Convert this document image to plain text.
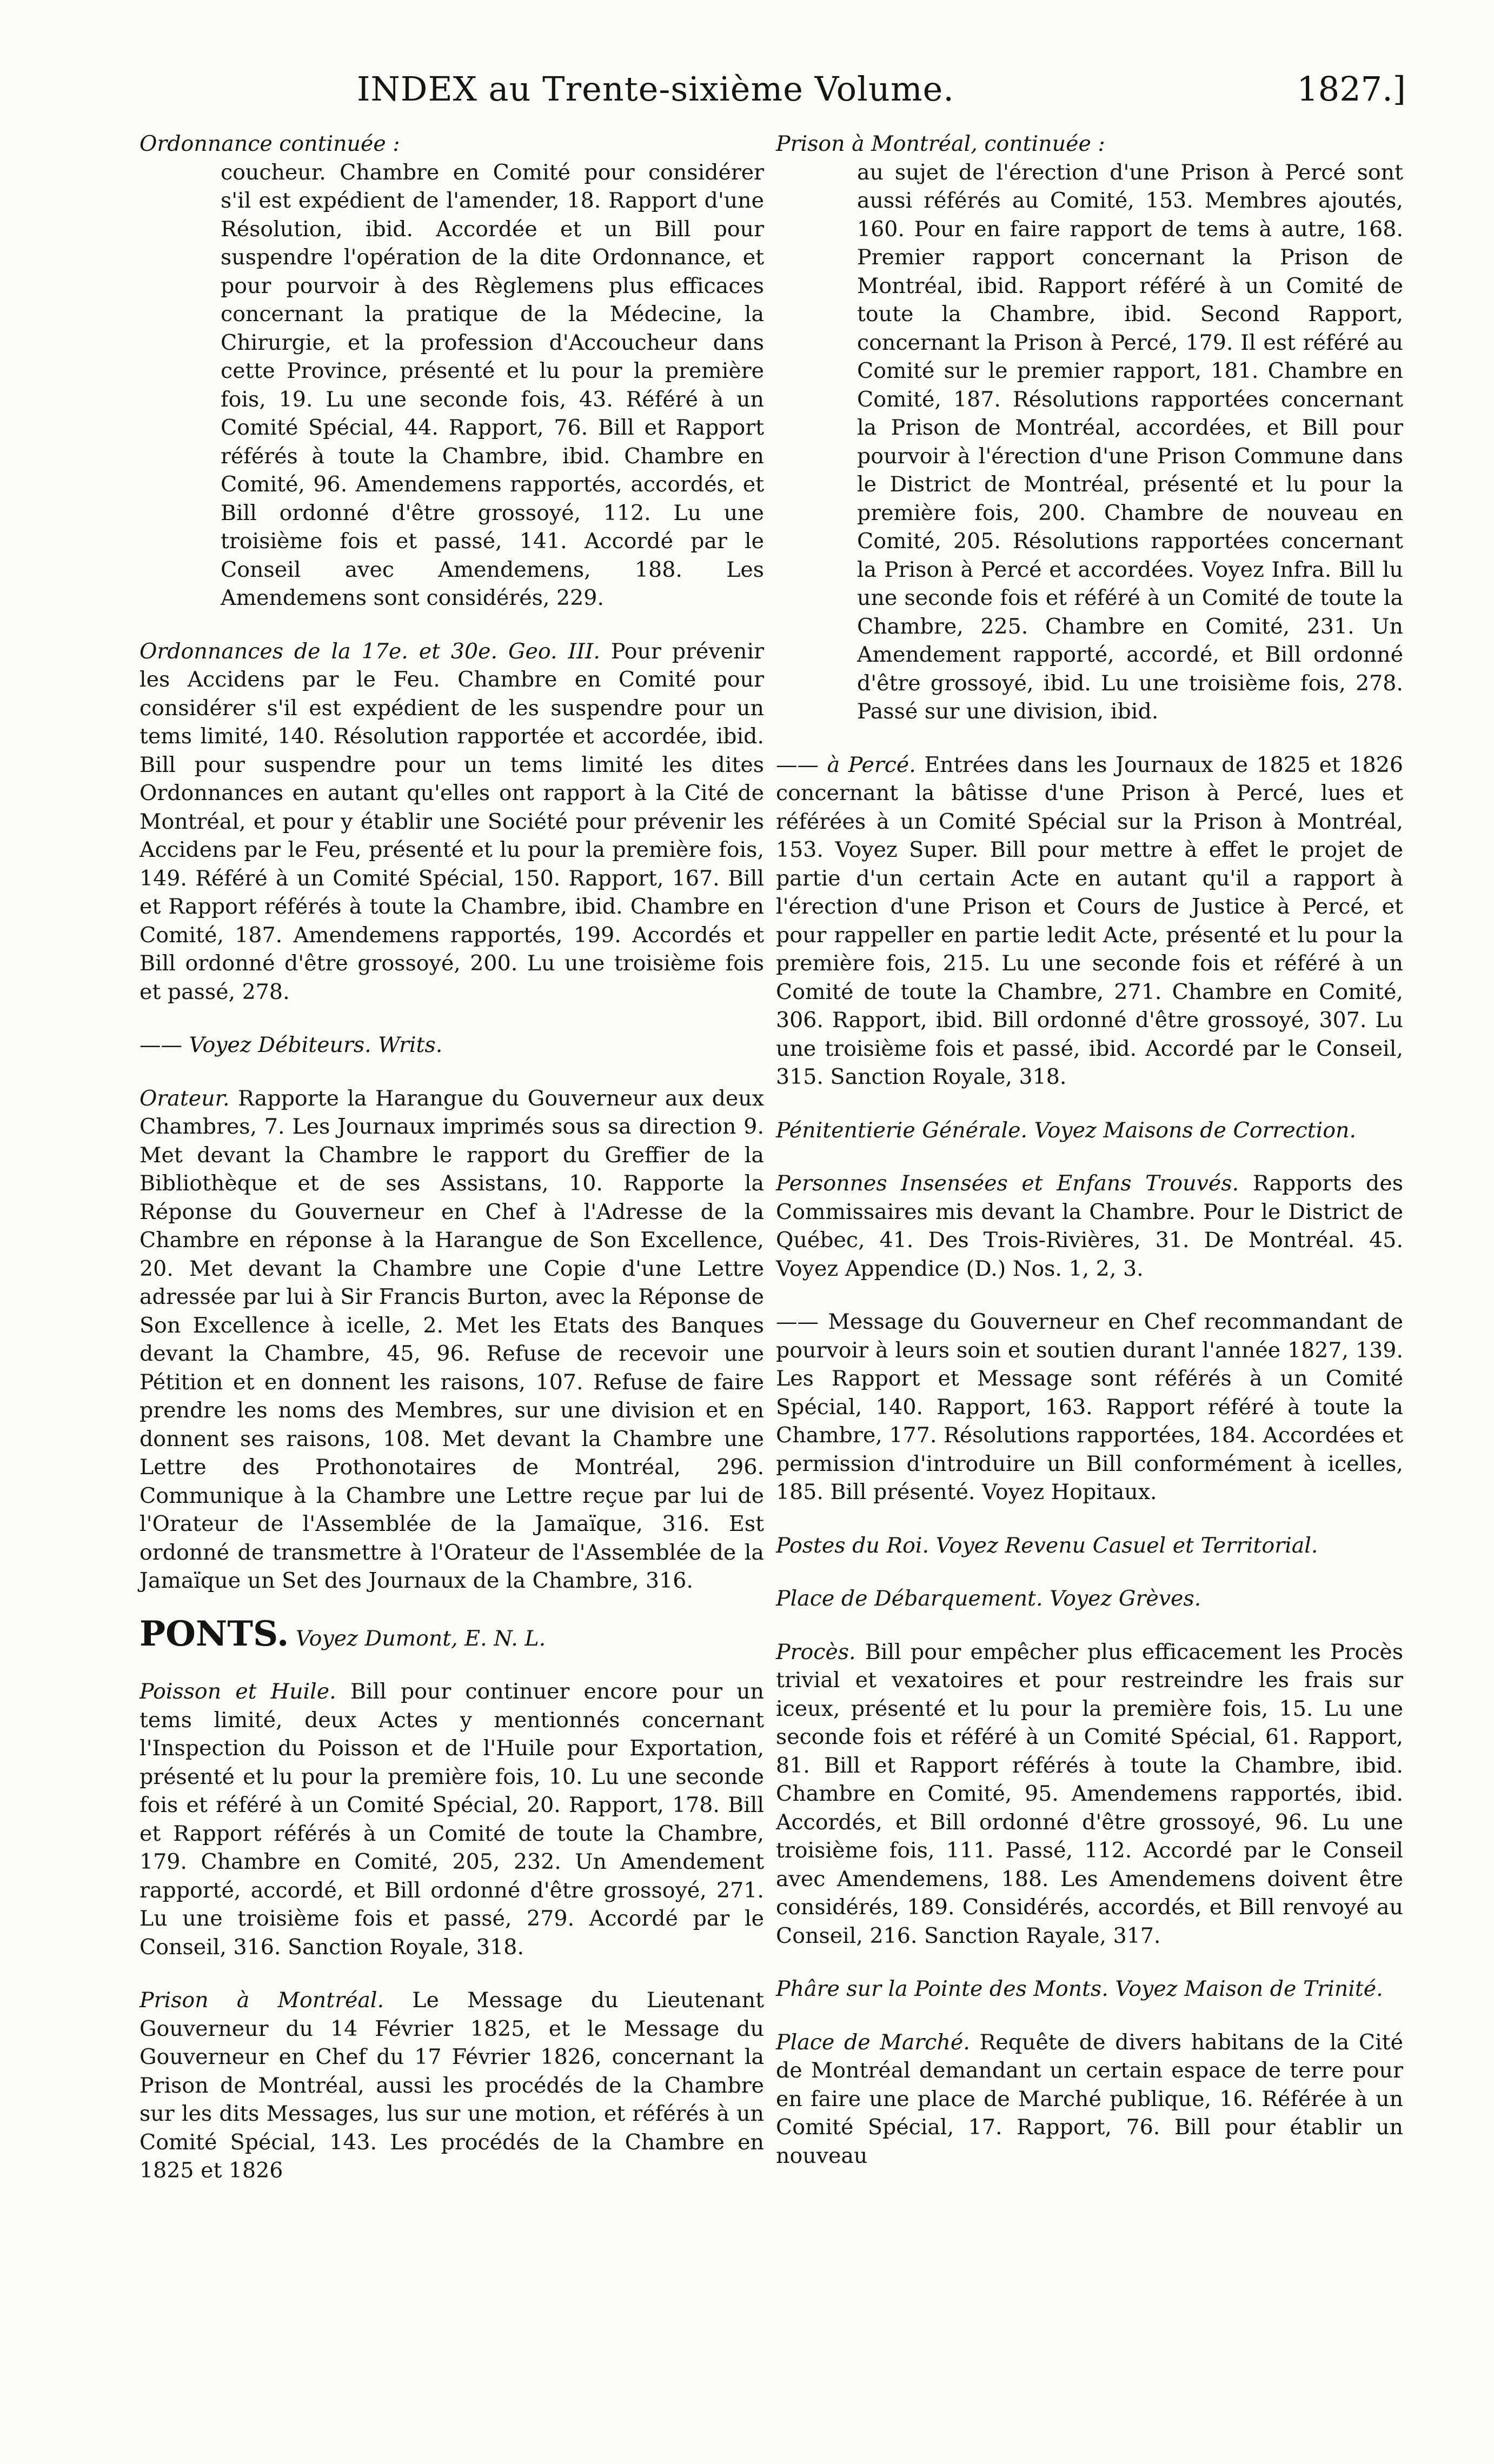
INDEX au Trente-sixième Volume.	1827.]

Ordonnance continuée :
coucheur. Chambre en Comité pour considérer s'il est expédient de l'amender, 18. Rapport d'une Résolution, ibid. Accordée et un Bill pour suspendre l'opération de la dite Ordonnance, et pour pourvoir à des Règlemens plus efficaces concernant la pratique de la Médecine, la Chirurgie, et la profession d'Accoucheur dans cette Province, présenté et lu pour la première fois, 19. Lu une seconde fois, 43. Référé à un Comité Spécial, 44. Rapport, 76. Bill et Rapport référés à toute la Chambre, ibid. Chambre en Comité, 96. Amendemens rapportés, accordés, et Bill ordonné d'être grossoyé, 112. Lu une troisième fois et passé, 141. Accordé par le Conseil avec Amendemens, 188. Les Amendemens sont considérés, 229.

Ordonnances de la 17e. et 30e. Geo. III. Pour prévenir les Accidens par le Feu. Chambre en Comité pour considérer s'il est expédient de les suspendre pour un tems limité, 140. Résolution rapportée et accordée, ibid. Bill pour suspendre pour un tems limité les dites Ordonnances en autant qu'elles ont rapport à la Cité de Montréal, et pour y établir une Société pour prévenir les Accidens par le Feu, présenté et lu pour la première fois, 149. Référé à un Comité Spécial, 150. Rapport, 167. Bill et Rapport référés à toute la Chambre, ibid. Chambre en Comité, 187. Amendemens rapportés, 199. Accordés et Bill ordonné d'être grossoyé, 200. Lu une troisième fois et passé, 278.

—— Voyez Débiteurs. Writs.

Orateur. Rapporte la Harangue du Gouverneur aux deux Chambres, 7. Les Journaux imprimés sous sa direction 9. Met devant la Chambre le rapport du Greffier de la Bibliothèque et de ses Assistans, 10. Rapporte la Réponse du Gouverneur en Chef à l'Adresse de la Chambre en réponse à la Harangue de Son Excellence, 20. Met devant la Chambre une Copie d'une Lettre adressée par lui à Sir Francis Burton, avec la Réponse de Son Excellence à icelle, 2. Met les Etats des Banques devant la Chambre, 45, 96. Refuse de recevoir une Pétition et en donnent les raisons, 107. Refuse de faire prendre les noms des Membres, sur une division et en donnent ses raisons, 108. Met devant la Chambre une Lettre des Prothonotaires de Montréal, 296. Communique à la Chambre une Lettre reçue par lui de l'Orateur de l'Assemblée de la Jamaïque, 316. Est ordonné de transmettre à l'Orateur de l'Assemblée de la Jamaïque un Set des Journaux de la Chambre, 316.

PONTS. Voyez Dumont, E. N. L.

Poisson et Huile. Bill pour continuer encore pour un tems limité, deux Actes y mentionnés concernant l'Inspection du Poisson et de l'Huile pour Exportation, présenté et lu pour la première fois, 10. Lu une seconde fois et référé à un Comité Spécial, 20. Rapport, 178. Bill et Rapport référés à un Comité de toute la Chambre, 179. Chambre en Comité, 205, 232. Un Amendement rapporté, accordé, et Bill ordonné d'être grossoyé, 271. Lu une troisième fois et passé, 279. Accordé par le Conseil, 316. Sanction Royale, 318.

Prison à Montréal. Le Message du Lieutenant Gouverneur du 14 Février 1825, et le Message du Gouverneur en Chef du 17 Février 1826, concernant la Prison de Montréal, aussi les procédés de la Chambre sur les dits Messages, lus sur une motion, et référés à un Comité Spécial, 143. Les procédés de la Chambre en 1825 et 1826

Prison à Montréal, continuée :
au sujet de l'érection d'une Prison à Percé sont aussi référés au Comité, 153. Membres ajoutés, 160. Pour en faire rapport de tems à autre, 168. Premier rapport concernant la Prison de Montréal, ibid. Rapport référé à un Comité de toute la Chambre, ibid. Second Rapport, concernant la Prison à Percé, 179. Il est référé au Comité sur le premier rapport, 181. Chambre en Comité, 187. Résolutions rapportées concernant la Prison de Montréal, accordées, et Bill pour pourvoir à l'érection d'une Prison Commune dans le District de Montréal, présenté et lu pour la première fois, 200. Chambre de nouveau en Comité, 205. Résolutions rapportées concernant la Prison à Percé et accordées. Voyez Infra. Bill lu une seconde fois et référé à un Comité de toute la Chambre, 225. Chambre en Comité, 231. Un Amendement rapporté, accordé, et Bill ordonné d'être grossoyé, ibid. Lu une troisième fois, 278. Passé sur une division, ibid.

—— à Percé. Entrées dans les Journaux de 1825 et 1826 concernant la bâtisse d'une Prison à Percé, lues et référées à un Comité Spécial sur la Prison à Montréal, 153. Voyez Super. Bill pour mettre à effet le projet de partie d'un certain Acte en autant qu'il a rapport à l'érection d'une Prison et Cours de Justice à Percé, et pour rappeller en partie ledit Acte, présenté et lu pour la première fois, 215. Lu une seconde fois et référé à un Comité de toute la Chambre, 271. Chambre en Comité, 306. Rapport, ibid. Bill ordonné d'être grossoyé, 307. Lu une troisième fois et passé, ibid. Accordé par le Conseil, 315. Sanction Royale, 318.

Pénitentierie Générale. Voyez Maisons de Correction.

Personnes Insensées et Enfans Trouvés. Rapports des Commissaires mis devant la Chambre. Pour le District de Québec, 41. Des Trois-Rivières, 31. De Montréal. 45. Voyez Appendice (D.) Nos. 1, 2, 3.

—— Message du Gouverneur en Chef recommandant de pourvoir à leurs soin et soutien durant l'année 1827, 139. Les Rapport et Message sont référés à un Comité Spécial, 140. Rapport, 163. Rapport référé à toute la Chambre, 177. Résolutions rapportées, 184. Accordées et permission d'introduire un Bill conformément à icelles, 185. Bill présenté. Voyez Hopitaux.

Postes du Roi. Voyez Revenu Casuel et Territorial.

Place de Débarquement. Voyez Grèves.

Procès. Bill pour empêcher plus efficacement les Procès trivial et vexatoires et pour restreindre les frais sur iceux, présenté et lu pour la première fois, 15. Lu une seconde fois et référé à un Comité Spécial, 61. Rapport, 81. Bill et Rapport référés à toute la Chambre, ibid. Chambre en Comité, 95. Amendemens rapportés, ibid. Accordés, et Bill ordonné d'être grossoyé, 96. Lu une troisième fois, 111. Passé, 112. Accordé par le Conseil avec Amendemens, 188. Les Amendemens doivent être considérés, 189. Considérés, accordés, et Bill renvoyé au Conseil, 216. Sanction Rayale, 317.

Phâre sur la Pointe des Monts. Voyez Maison de Trinité.

Place de Marché. Requête de divers habitans de la Cité de Montréal demandant un certain espace de terre pour en faire une place de Marché publique, 16. Référée à un Comité Spécial, 17. Rapport, 76. Bill pour établir un nouveau
